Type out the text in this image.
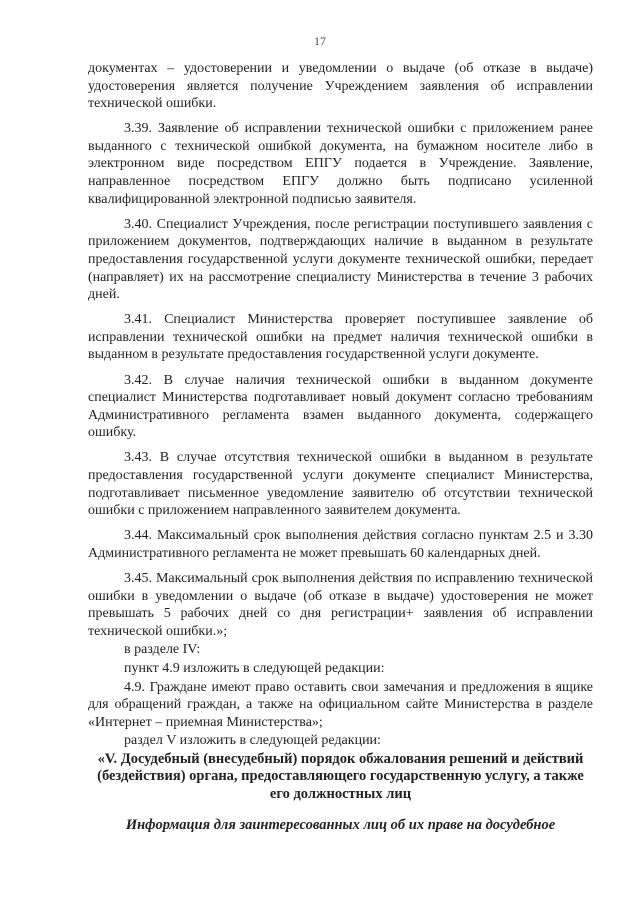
17

документах – удостоверении и уведомлении о выдаче (об отказе в выдаче) удостоверения является получение Учреждением заявления об исправлении технической ошибки.

3.39. Заявление об исправлении технической ошибки с приложением ранее выданного с технической ошибкой документа, на бумажном носителе либо в электронном виде посредством ЕПГУ подается в Учреждение. Заявление, направленное посредством ЕПГУ должно быть подписано усиленной квалифицированной электронной подписью заявителя.

3.40. Специалист Учреждения, после регистрации поступившего заявления с приложением документов, подтверждающих наличие в выданном в результате предоставления государственной услуги документе технической ошибки, передает (направляет) их на рассмотрение специалисту Министерства в течение 3 рабочих дней.

3.41. Специалист Министерства проверяет поступившее заявление об исправлении технической ошибки на предмет наличия технической ошибки в выданном в результате предоставления государственной услуги документе.

3.42. В случае наличия технической ошибки в выданном документе специалист Министерства подготавливает новый документ согласно требованиям Административного регламента взамен выданного документа, содержащего ошибку.

3.43. В случае отсутствия технической ошибки в выданном в результате предоставления государственной услуги документе специалист Министерства, подготавливает письменное уведомление заявителю об отсутствии технической ошибки с приложением направленного заявителем документа.

3.44. Максимальный срок выполнения действия согласно пунктам 2.5 и 3.30 Административного регламента не может превышать 60 календарных дней.

3.45. Максимальный срок выполнения действия по исправлению технической ошибки в уведомлении о выдаче (об отказе в выдаче) удостоверения не может превышать 5 рабочих дней со дня регистрации+ заявления об исправлении технической ошибки.»;

в разделе IV:

пункт 4.9 изложить в следующей редакции:

4.9. Граждане имеют право оставить свои замечания и предложения в ящике для обращений граждан, а также на официальном сайте Министерства в разделе «Интернет – приемная Министерства»;

раздел V изложить в следующей редакции:

«V. Досудебный (внесудебный) порядок обжалования решений и действий (бездействия) органа, предоставляющего государственную услугу, а также его должностных лиц

Информация для заинтересованных лиц об их праве на досудебное
